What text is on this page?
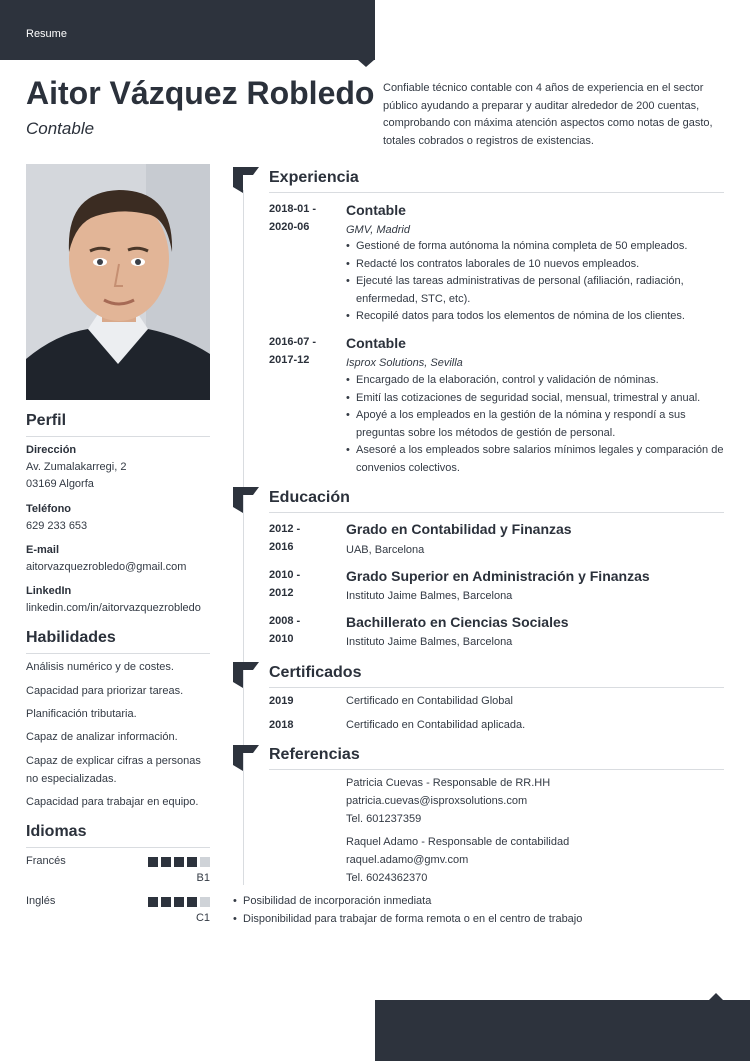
Resume
Aitor Vázquez Robledo
Contable

Confiable técnico contable con 4 años de experiencia en el sector público ayudando a preparar y auditar alrededor de 200 cuentas, comprobando con máxima atención aspectos como notas de gasto, totales cobrados o registros de existencias.

Perfil
Dirección
Av. Zumalakarregi, 2
03169 Algorfa
Teléfono
629 233 653
E-mail
aitorvazquezrobledo@gmail.com
LinkedIn
linkedin.com/in/aitorvazquezrobledo
Habilidades
Análisis numérico y de costes.
Capacidad para priorizar tareas.
Planificación tributaria.
Capaz de analizar información.
Capaz de explicar cifras a personas no especializadas.
Capacidad para trabajar en equipo.
Idiomas
Francés
B1
Inglés
C1
Experiencia
2018-01 -
2020-06
Contable
GMV, Madrid
• Gestioné de forma autónoma la nómina completa de 50 empleados.
• Redacté los contratos laborales de 10 nuevos empleados.
• Ejecuté las tareas administrativas de personal (afiliación, radiación, enfermedad, STC, etc).
• Recopilé datos para todos los elementos de nómina de los clientes.
2016-07 -
2017-12
Contable
Isprox Solutions, Sevilla
• Encargado de la elaboración, control y validación de nóminas.
• Emití las cotizaciones de seguridad social, mensual, trimestral y anual.
• Apoyé a los empleados en la gestión de la nómina y respondí a sus preguntas sobre los métodos de gestión de personal.
• Asesoré a los empleados sobre salarios mínimos legales y comparación de convenios colectivos.
Educación
2012 -
2016
Grado en Contabilidad y Finanzas
UAB, Barcelona
2010 -
2012
Grado Superior en Administración y Finanzas
Instituto Jaime Balmes, Barcelona
2008 -
2010
Bachillerato en Ciencias Sociales
Instituto Jaime Balmes, Barcelona
Certificados
2019	Certificado en Contabilidad Global
2018	Certificado en Contabilidad aplicada.
Referencias
Patricia Cuevas - Responsable de RR.HH
patricia.cuevas@isproxsolutions.com
Tel. 601237359
Raquel Adamo - Responsable de contabilidad
raquel.adamo@gmv.com
Tel. 6024362370
• Posibilidad de incorporación inmediata
• Disponibilidad para trabajar de forma remota o en el centro de trabajo
